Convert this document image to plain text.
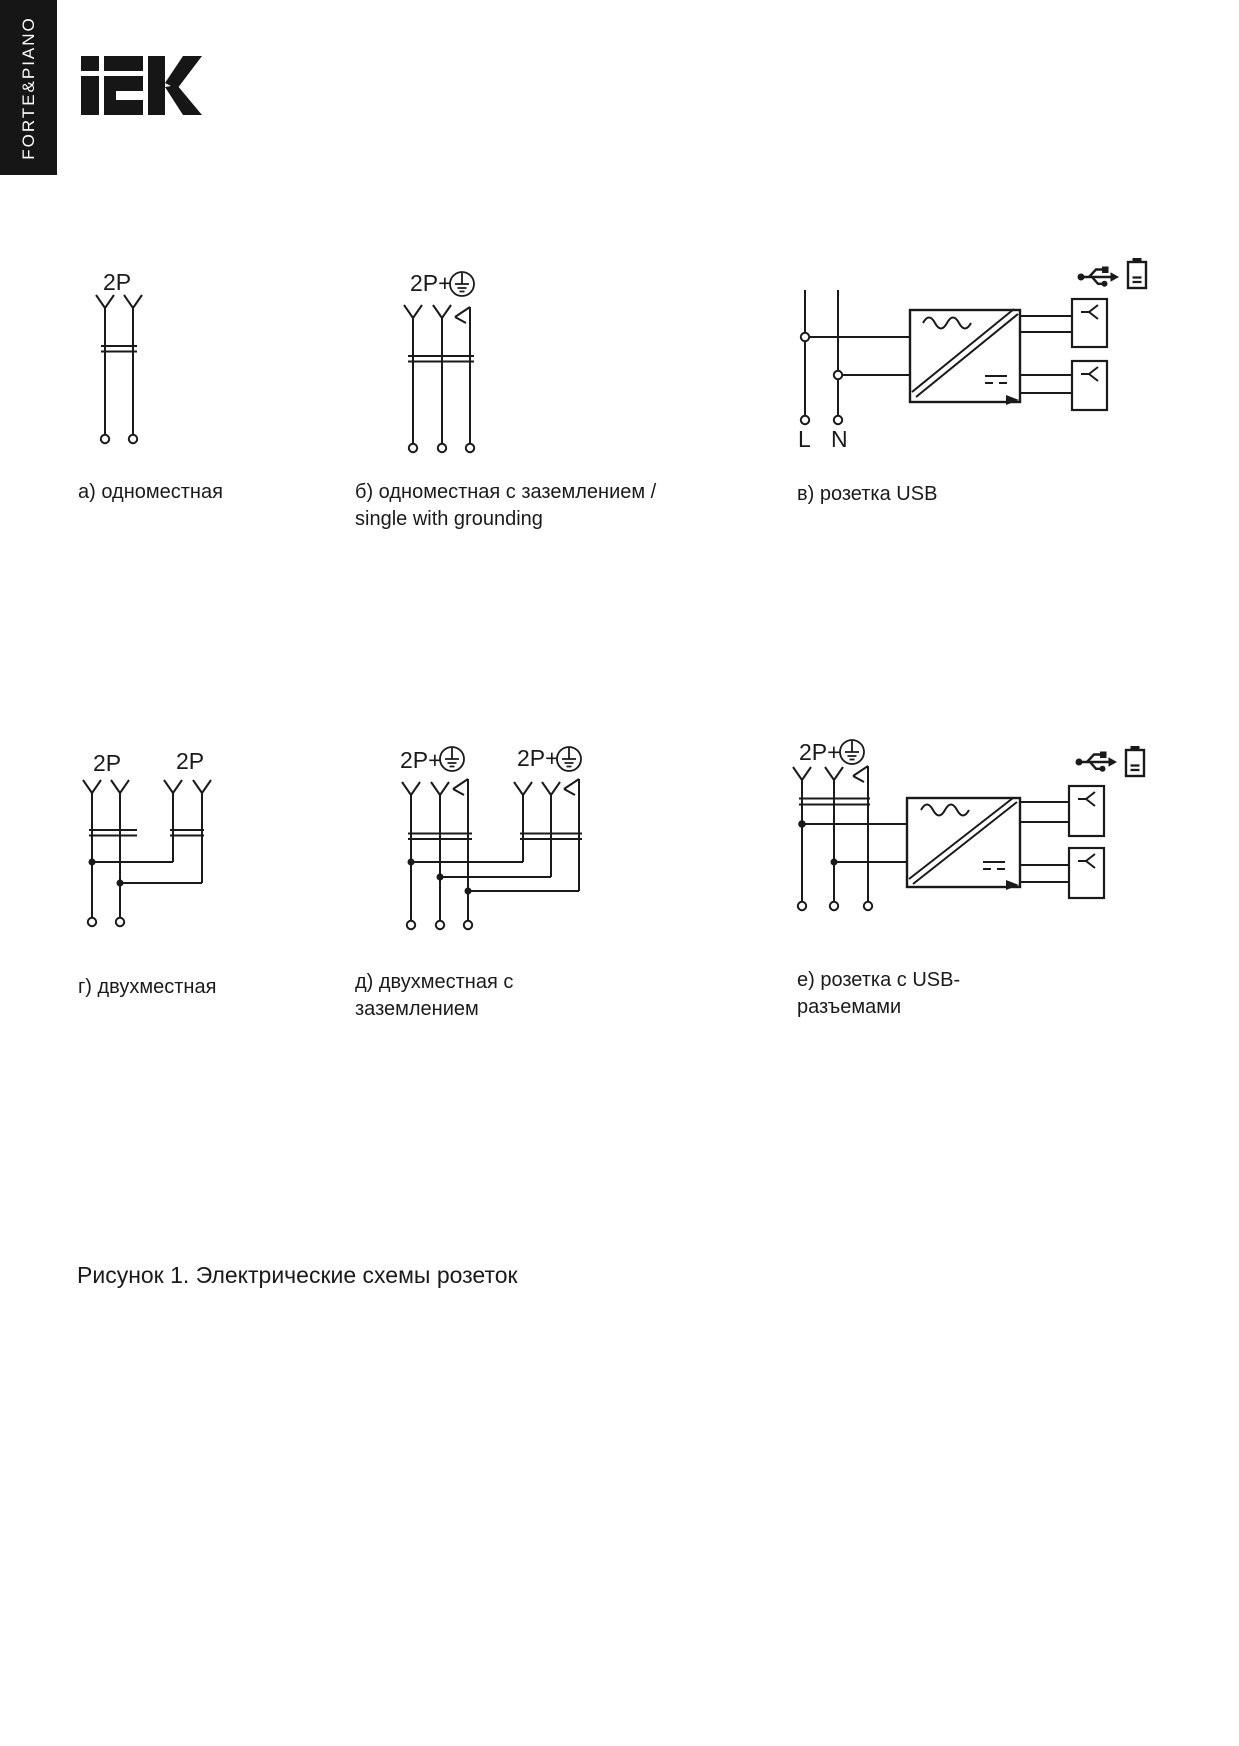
FORTE&PIANO
2P	2P+
L N
2P 2P	2P+	2P+	2P+
а) одноместная	б) одноместная с заземлением /
single with grounding
в) розетка USB
г) двухместная	д) двухместная с
заземлением
е) розетка с USB-
разъемами
Рисунок 1. Электрические схемы розеток
